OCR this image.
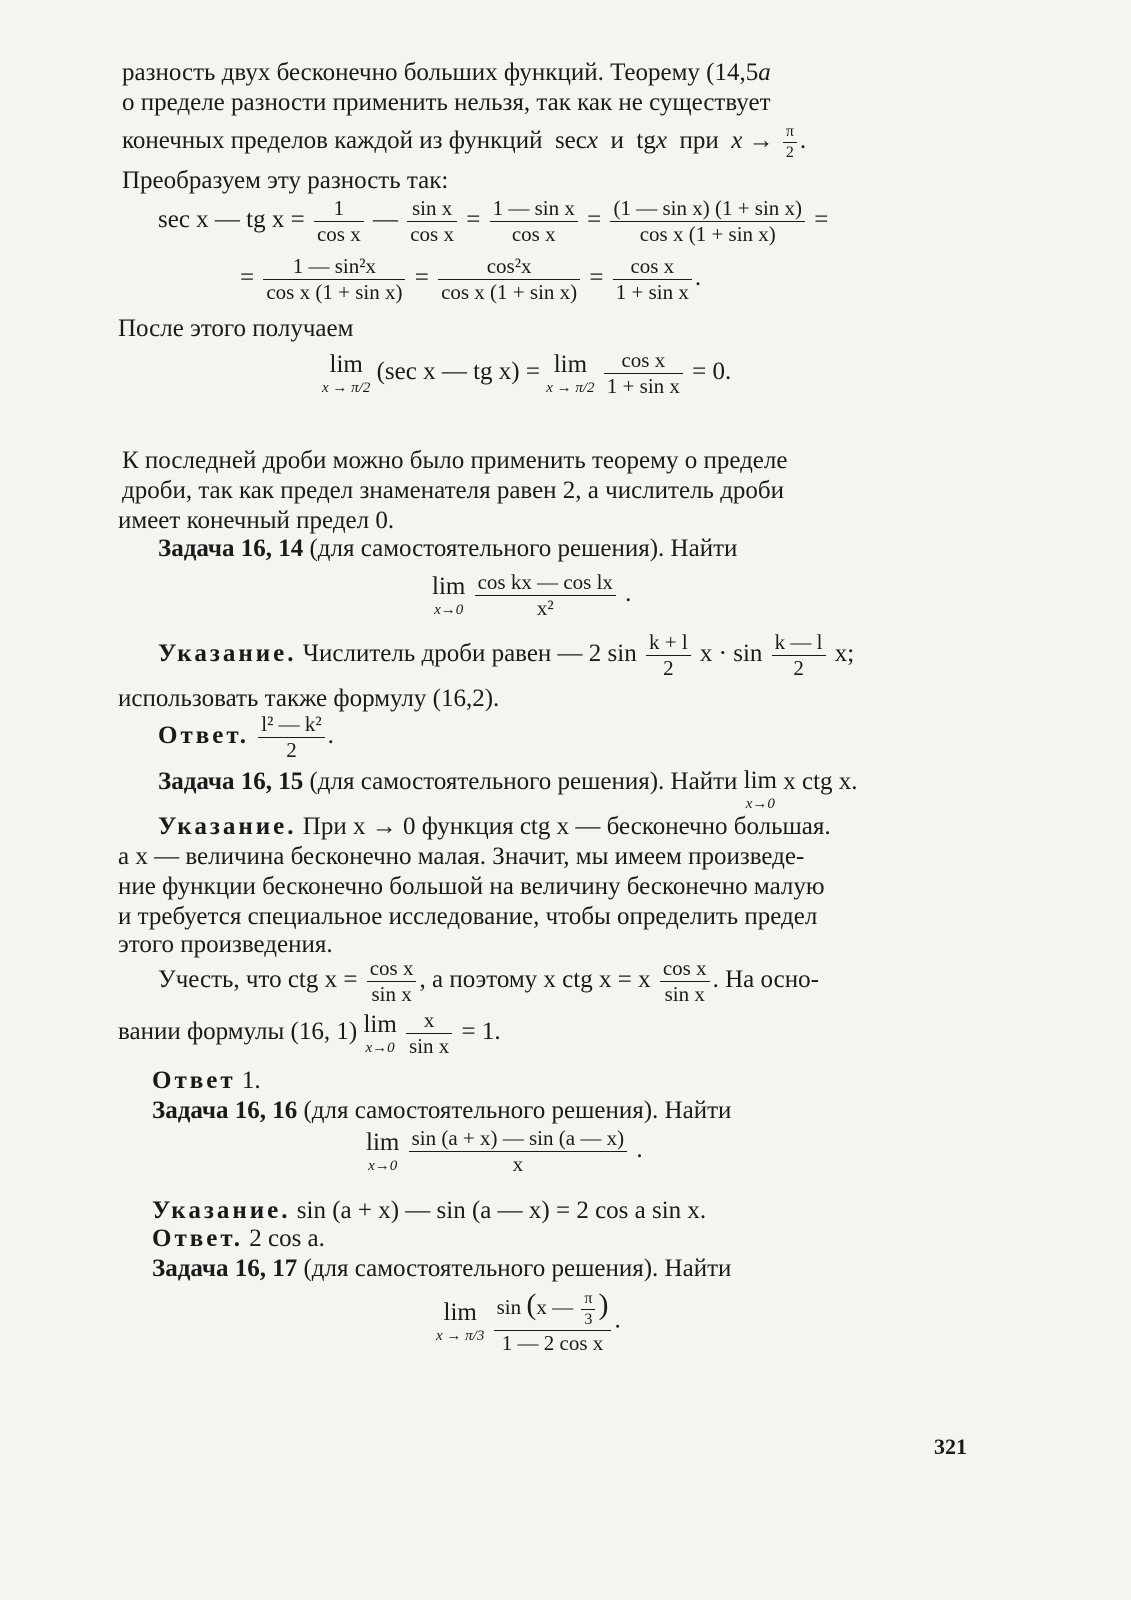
разность двух бесконечно больших функций. Теорему (14,5а
о пределе разности применить нельзя, так как не существует
конечных пределов каждой из функций secx и tgx при $x \to \frac{\pi}{2}$ .
Преобразуем эту разность так:
sec x — tg $x = \frac{1}{\text{cos x}}$ — $\frac{\text{sin x}}{\text{cos x}} = \frac{\text{1 — sin x}}{\text{cos x}} = \frac{\text{(1 — sin x) (1 + sin x)}}{\text{cos x (1 + sin x)}}$ =
= $\frac{\text{1 — sin²x}}{\text{cos x (1 + sin x)}} = \frac{\text{cos²x}}{\text{cos x (1 + sin x)}} = \frac{\text{cos x}}{\text{1 + sin x}}$ .
После этого получаем
lim
x → π/2
(sec x — tg x) = lim
x → π/2
$\frac{\text{cos x}}{\text{1 + sin x}} = 0$.
К последней дроби можно было применить теорему о пределе
дроби, так как предел знаменателя равен 2, а числитель дроби
имеет конечный предел 0.
Задача 16, 14 (для самостоятельного решения). Найти
lim
x→0
$\frac{\text{cos kx — cos lx}}{\text{x²}}$ .
Указание. Числитель дроби равен — 2 $\sin \frac{k + l}{2}$ $x \cdot \sin \frac{k — l}{2} x$;
использовать также формулу (16,2).
Ответ. $\frac{\text{l² — k²}}{2}$ .
Задача 16, 15 (для самостоятельного решения). Найти lim
x→0
x ctg x.
Указание. При x → 0 функция ctg x — бесконечно большая.
а x — величина бесконечно малая. Значит, мы имеем произведе-
ние функции бесконечно большой на величину бесконечно малую
и требуется специальное исследование, чтобы определить предел
этого произведения.
Учесть, что ctg $x = \frac{\text{cos x}}{\text{sin x}}$ , а поэтому x ctg x = x $\frac{\text{cos x}}{\text{sin x}}$ . На осно-
вании формулы (16, 1) lim
x→0
$\frac{x}{\text{sin x}} = 1$.
Ответ 1.
Задача 16, 16 (для самостоятельного решения). Найти
lim
x→0
$\frac{\sin (a + x) — \sin (a — x)}{x}$ .
Указание. sin (a + x) — sin (a — x) = 2 cos a sin x.
Ответ. 2 cos a.
Задача 16, 17 (для самостоятельного решения). Найти
lim
x → π/3
$\frac{\sin (x — \frac{\pi}{3} )}{\text{1 — 2 cos x}}$ .
321
